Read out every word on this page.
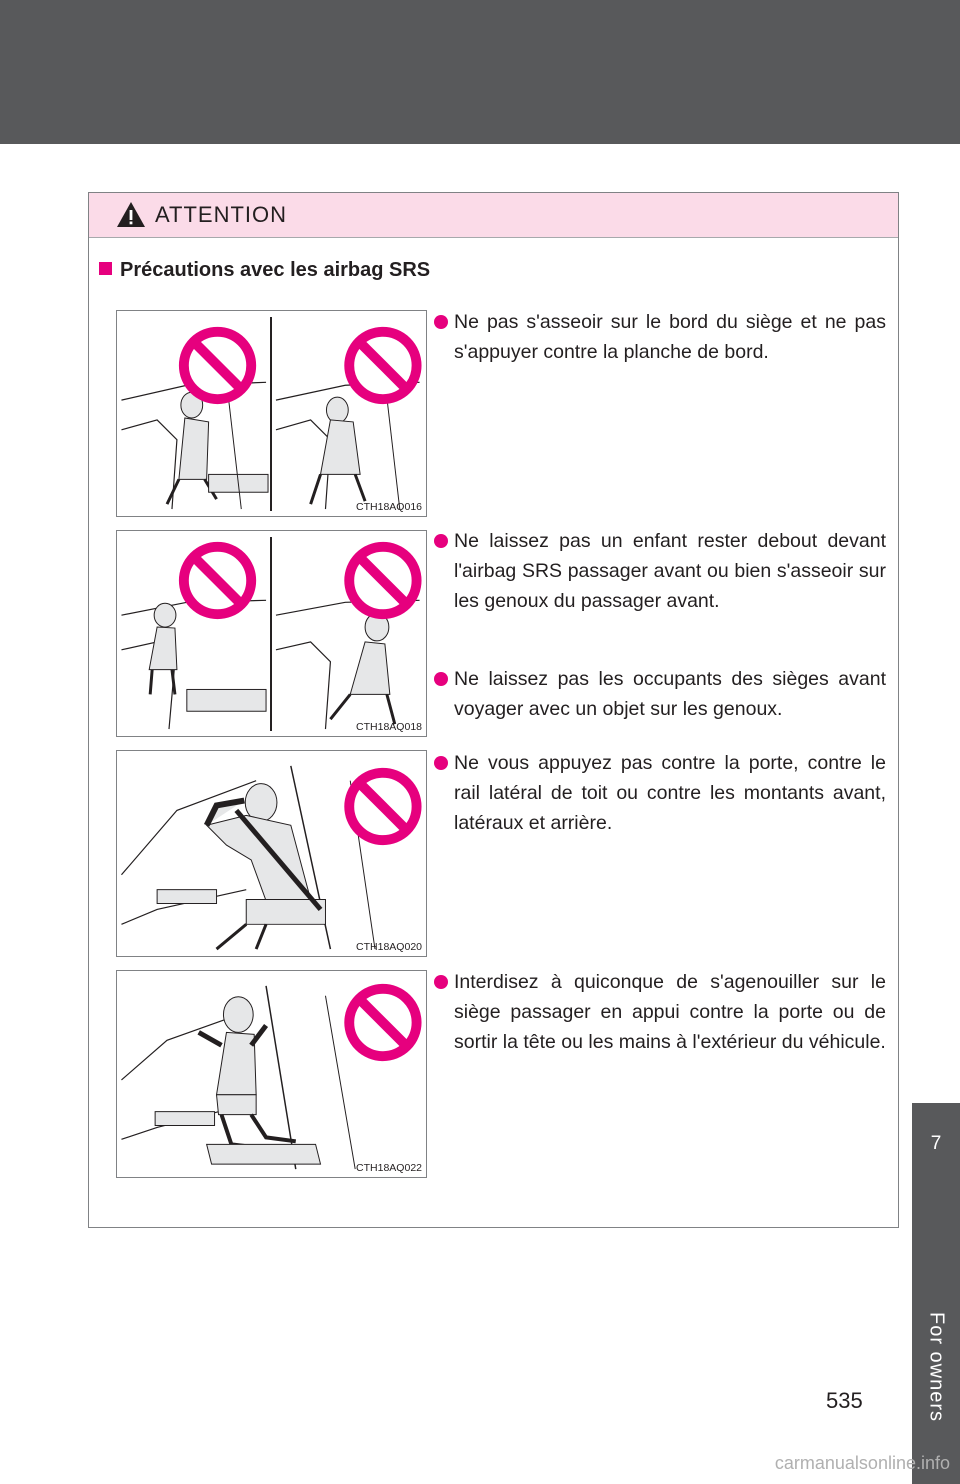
ATTENTION
Précautions avec les airbag SRS
CTH18AQ016
CTH18AQ018
CTH18AQ020
CTH18AQ022
Ne pas s'asseoir sur le bord du siège et ne pas s'appuyer contre la planche de bord.
Ne laissez pas un enfant rester debout devant l'airbag SRS passager avant ou bien s'asseoir sur les genoux du passager avant.
Ne laissez pas les occupants des sièges avant voyager avec un objet sur les genoux.
Ne vous appuyez pas contre la porte, contre le rail latéral de toit ou contre les montants avant, latéraux et arrière.
Interdisez à quiconque de s'agenouiller sur le siège passager en appui contre la porte ou de sortir la tête ou les mains à l'extérieur du véhicule.
7
For owners
535
carmanualsonline.info
